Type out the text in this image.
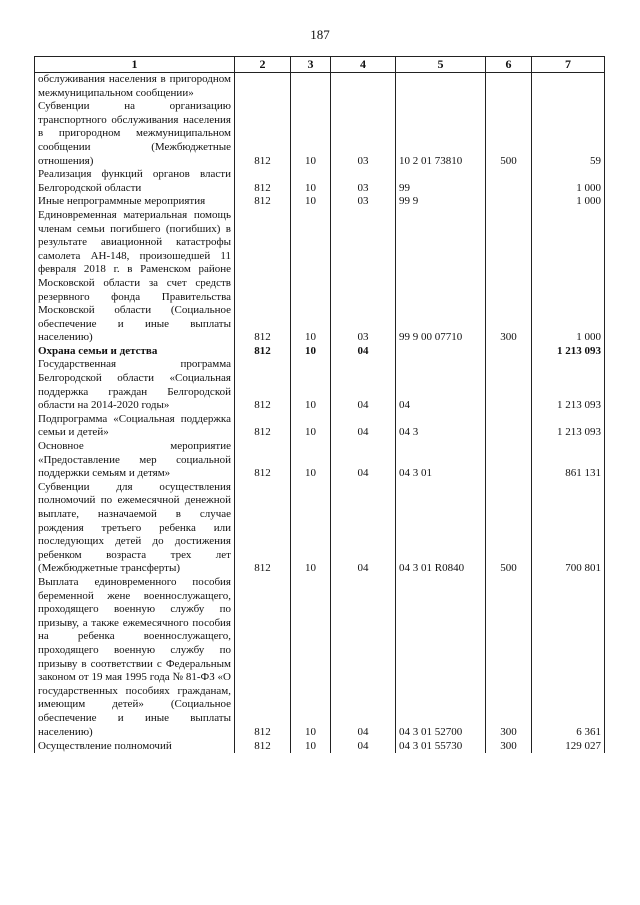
187
1	2	3	4	5	6	7
обслуживания населения в пригородном межмуниципальном сообщении»						
Субвенции на организацию транспортного обслуживания населения в пригородном межмуниципальном сообщении (Межбюджетные отношения)	812	10	03	10 2 01 73810	500	59
Реализация функций органов власти Белгородской области	812	10	03	99		1 000
Иные непрограммные мероприятия	812	10	03	99 9		1 000
Единовременная материальная помощь членам семьи погибшего (погибших) в результате авиационной катастрофы самолета АН-148, произошедшей 11 февраля 2018 г. в Раменском районе Московской области за счет средств резервного фонда Правительства Московской области (Социальное обеспечение и иные выплаты населению)	812	10	03	99 9 00 07710	300	1 000
Охрана семьи и детства	812	10	04			1 213 093
Государственная программа Белгородской области «Социальная поддержка граждан Белгородской области на 2014-2020 годы»	812	10	04	04		1 213 093
Подпрограмма «Социальная поддержка семьи и детей»	812	10	04	04 3		1 213 093
Основное мероприятие «Предоставление мер социальной поддержки семьям и детям»	812	10	04	04 3 01		861 131
Субвенции для осуществления полномочий по ежемесячной денежной выплате, назначаемой в случае рождения третьего ребенка или последующих детей до достижения ребенком возраста трех лет (Межбюджетные трансферты)	812	10	04	04 3 01 R0840	500	700 801
Выплата единовременного пособия беременной жене военнослужащего, проходящего военную службу по призыву, а также ежемесячного пособия на ребенка военнослужащего, проходящего военную службу по призыву в соответствии с Федеральным законом от 19 мая 1995 года № 81-ФЗ «О государственных пособиях гражданам, имеющим детей» (Социальное обеспечение и иные выплаты населению)	812	10	04	04 3 01 52700	300	6 361
Осуществление полномочий	812	10	04	04 3 01 55730	300	129 027
